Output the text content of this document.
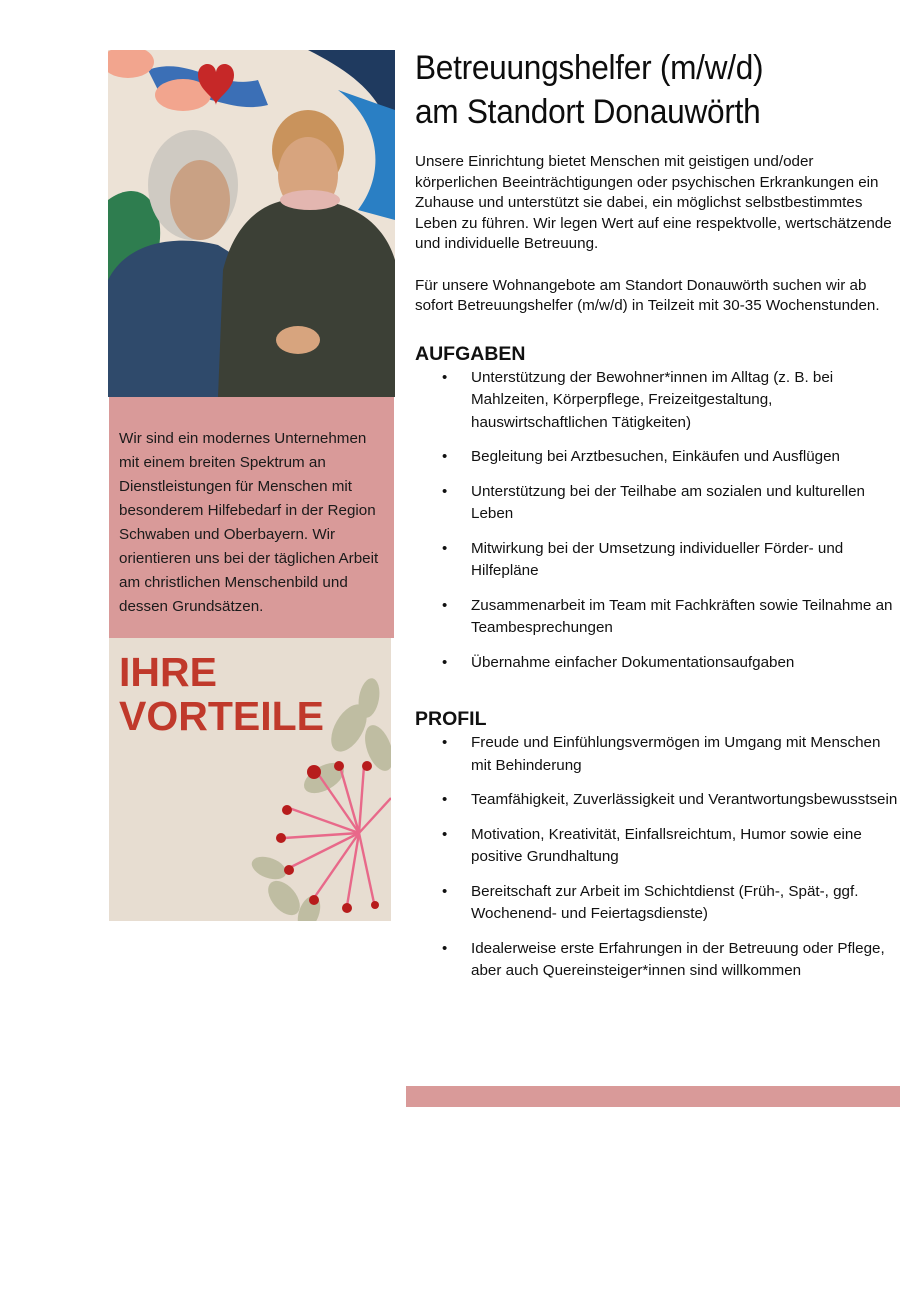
Wir sind ein modernes Unternehmen mit einem breiten Spektrum an Dienstleistungen für Menschen mit besonderem Hilfebedarf in der Region Schwaben und Oberbayern. Wir orientieren uns bei der täglichen Arbeit am christlichen Menschenbild und dessen Grundsätzen.

IHRE
VORTEILE
Betreuungshelfer (m/w/d)
am Standort Donauwörth

Unsere Einrichtung bietet Menschen mit geistigen und/oder körperlichen Beeinträchtigungen oder psychischen Erkrankungen ein Zuhause und unterstützt sie dabei, ein möglichst selbstbestimmtes Leben zu führen. Wir legen Wert auf eine respektvolle, wertschätzende und individuelle Betreuung.

Für unsere Wohnangebote am Standort Donauwörth suchen wir ab sofort Betreuungshelfer (m/w/d) in Teilzeit mit 30-35 Wochenstunden.

AUFGABEN
• Unterstützung der Bewohner*innen im Alltag (z. B. bei Mahlzeiten, Körperpflege, Freizeitgestaltung, hauswirtschaftlichen Tätigkeiten)
• Begleitung bei Arztbesuchen, Einkäufen und Ausflügen
• Unterstützung bei der Teilhabe am sozialen und kulturellen Leben
• Mitwirkung bei der Umsetzung individueller Förder- und Hilfepläne
• Zusammenarbeit im Team mit Fachkräften sowie Teilnahme an Teambesprechungen
• Übernahme einfacher Dokumentationsaufgaben
PROFIL
• Freude und Einfühlungsvermögen im Umgang mit Menschen mit Behinderung
• Teamfähigkeit, Zuverlässigkeit und Verantwortungsbewusstsein
• Motivation, Kreativität, Einfallsreichtum, Humor sowie eine positive Grundhaltung
• Bereitschaft zur Arbeit im Schichtdienst (Früh-, Spät-, ggf. Wochenend- und Feiertagsdienste)
• Idealerweise erste Erfahrungen in der Betreuung oder Pflege, aber auch Quereinsteiger*innen sind willkommen
